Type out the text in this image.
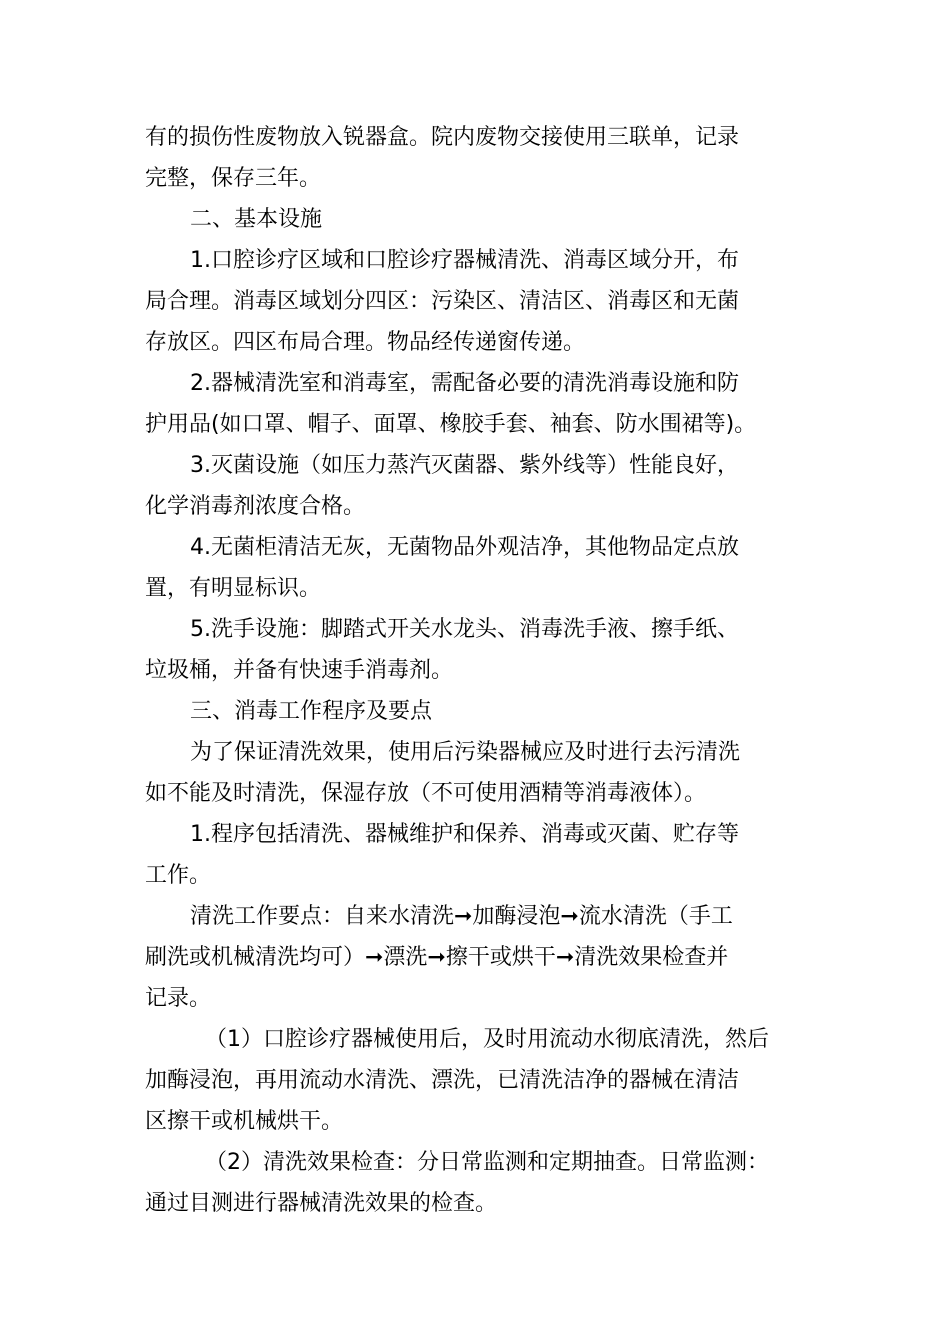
有的损伤性废物放入锐器盒。院内废物交接使用三联单，记录
完整，保存三年。
二、基本设施
1.口腔诊疗区域和口腔诊疗器械清洗、消毒区域分开，布
局合理。消毒区域划分四区：污染区、清洁区、消毒区和无菌
存放区。四区布局合理。物品经传递窗传递。
2.器械清洗室和消毒室，需配备必要的清洗消毒设施和防
护用品(如口罩、帽子、面罩、橡胶手套、袖套、防水围裙等)。
3.灭菌设施（如压力蒸汽灭菌器、紫外线等）性能良好，
化学消毒剂浓度合格。
4.无菌柜清洁无灰，无菌物品外观洁净，其他物品定点放
置，有明显标识。
5.洗手设施：脚踏式开关水龙头、消毒洗手液、擦手纸、
垃圾桶，并备有快速手消毒剂。
三、消毒工作程序及要点
为了保证清洗效果，使用后污染器械应及时进行去污清洗
如不能及时清洗，保湿存放（不可使用酒精等消毒液体）。
1.程序包括清洗、器械维护和保养、消毒或灭菌、贮存等
工作。
清洗工作要点：自来水清洗➞加酶浸泡➞流水清洗（手工
刷洗或机械清洗均可）➞漂洗➞擦干或烘干➞清洗效果检查并
记录。
（1）口腔诊疗器械使用后，及时用流动水彻底清洗，然后
加酶浸泡，再用流动水清洗、漂洗，已清洗洁净的器械在清洁
区擦干或机械烘干。
（2）清洗效果检查：分日常监测和定期抽查。日常监测：
通过目测进行器械清洗效果的检查。
